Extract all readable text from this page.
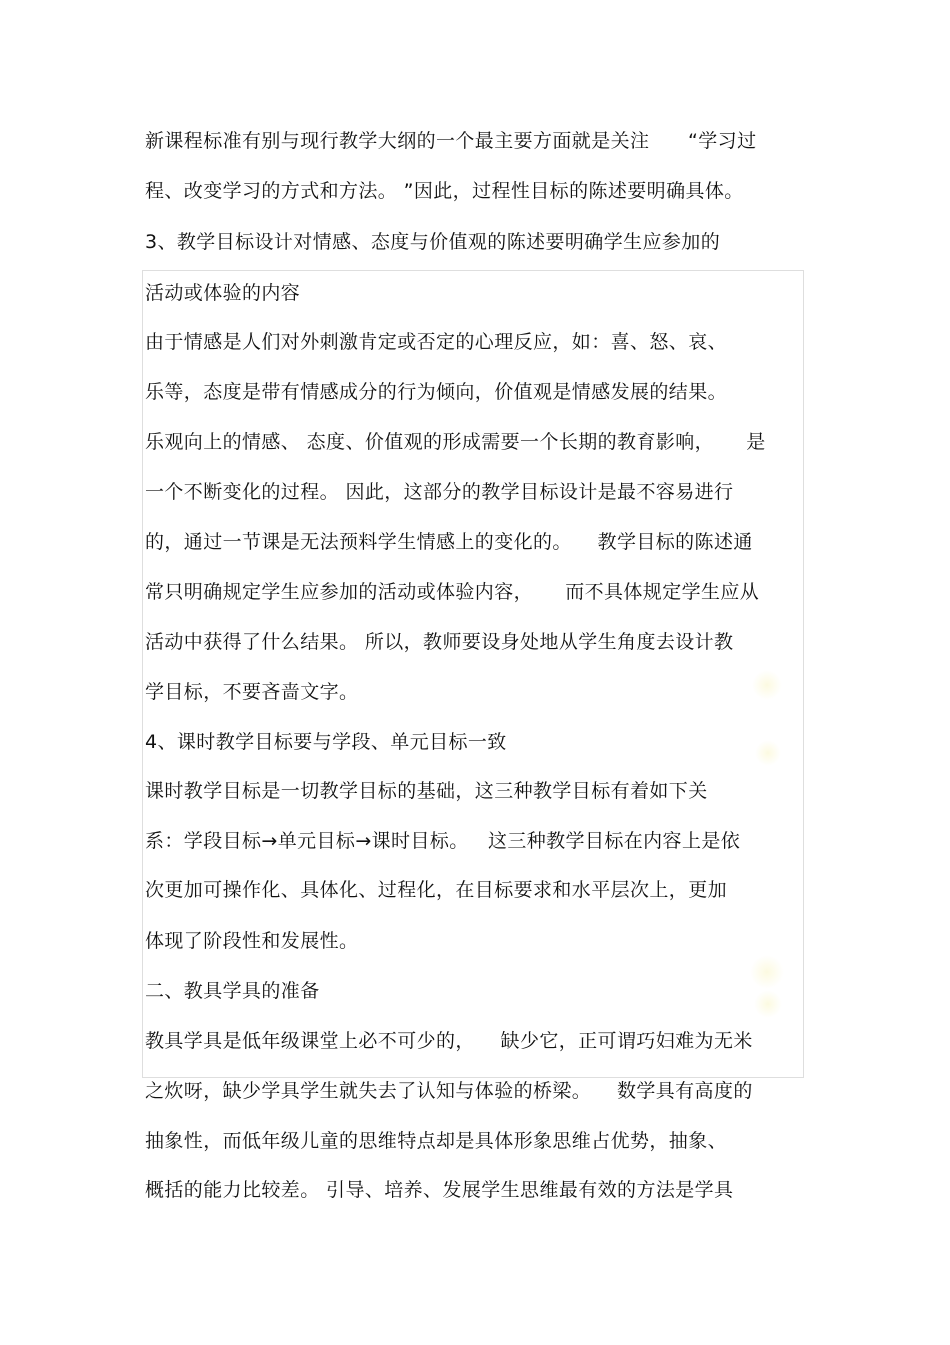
新课程标准有别与现行教学大纲的一个最主要方面就是关注      “学习过
程、改变学习的方式和方法。 ”因此，过程性目标的陈述要明确具体。
3、教学目标设计对情感、态度与价值观的陈述要明确学生应参加的
活动或体验的内容
由于情感是人们对外刺激肯定或否定的心理反应，如：喜、怒、哀、
乐等，态度是带有情感成分的行为倾向，价值观是情感发展的结果。
乐观向上的情感、 态度、价值观的形成需要一个长期的教育影响，     是
一个不断变化的过程。 因此，这部分的教学目标设计是最不容易进行
的，通过一节课是无法预料学生情感上的变化的。    教学目标的陈述通
常只明确规定学生应参加的活动或体验内容，     而不具体规定学生应从
活动中获得了什么结果。 所以，教师要设身处地从学生角度去设计教
学目标，不要吝啬文字。
4、课时教学目标要与学段、单元目标一致
课时教学目标是一切教学目标的基础，这三种教学目标有着如下关
系：学段目标→单元目标→课时目标。   这三种教学目标在内容上是依
次更加可操作化、具体化、过程化，在目标要求和水平层次上，更加
体现了阶段性和发展性。
二、教具学具的准备
教具学具是低年级课堂上必不可少的，    缺少它，正可谓巧妇难为无米
之炊呀，缺少学具学生就失去了认知与体验的桥梁。    数学具有高度的
抽象性，而低年级儿童的思维特点却是具体形象思维占优势，抽象、
概括的能力比较差。 引导、培养、发展学生思维最有效的方法是学具
